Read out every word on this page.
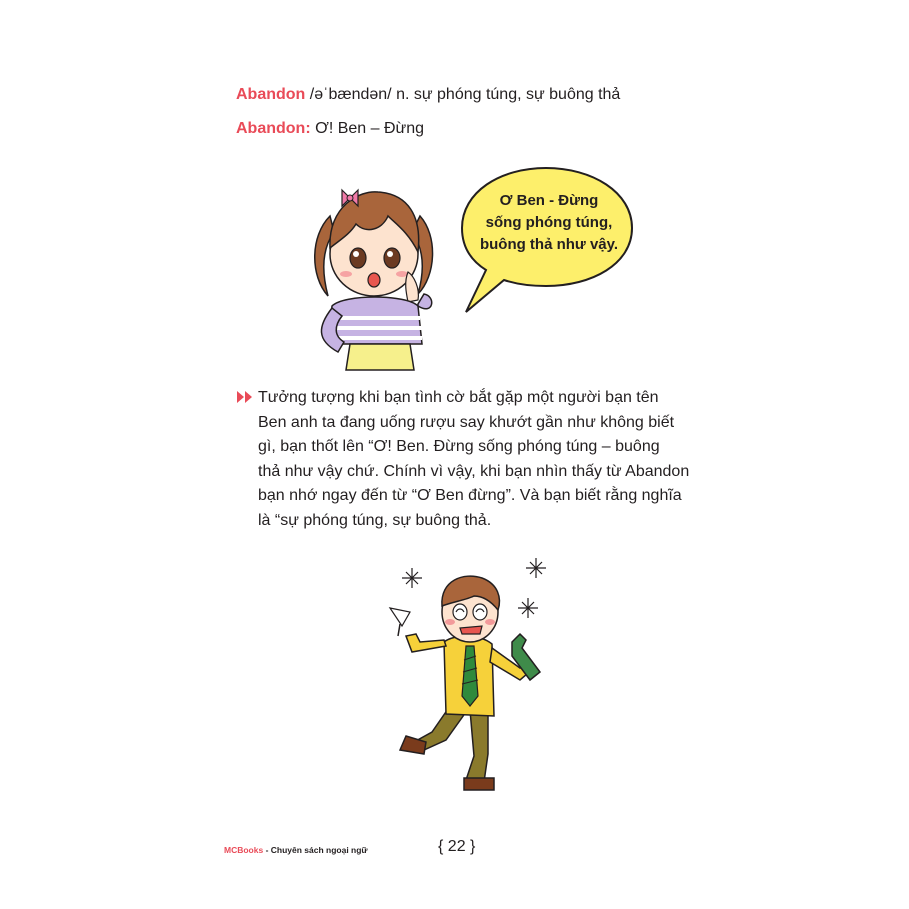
Abandon /əˈbændən/ n. sự phóng túng, sự buông thả
Abandon: Ơ! Ben – Đừng

Ơ Ben - Đừng

sống phóng túng,

buông thả như vậy.

Tưởng tượng khi bạn tình cờ bắt gặp một người bạn tên

Ben anh ta đang uống rượu say khướt gần như không biết

gì, bạn thốt lên “Ơ! Ben. Đừng sống phóng túng – buông

thả như vậy chứ. Chính vì vậy, khi bạn nhìn thấy từ Abandon

bạn nhớ ngay đến từ “Ơ Ben đừng”. Và bạn biết rằng nghĩa

là “sự phóng túng, sự buông thả.

MCBooks - Chuyên sách ngoại ngữ	{ 22 }
